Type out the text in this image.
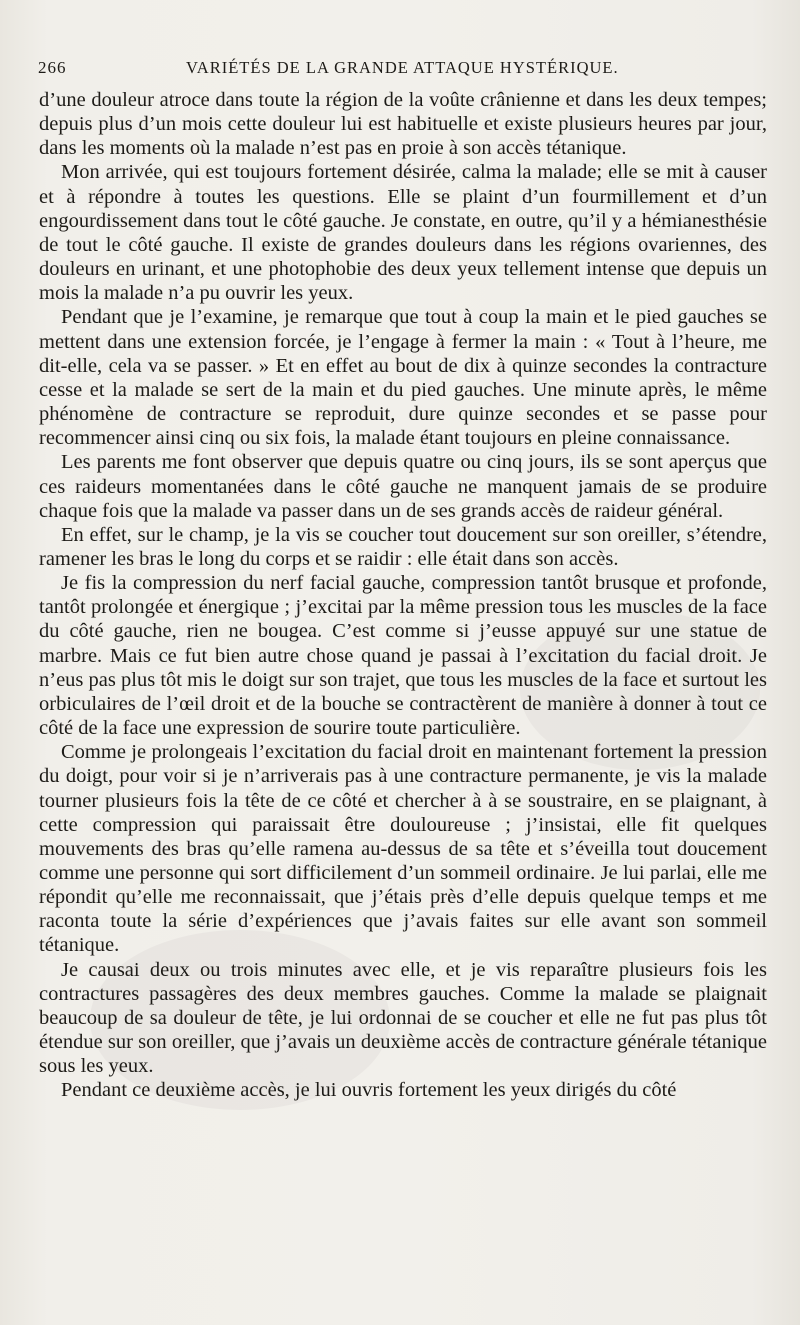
266	VARIÉTÉS DE LA GRANDE ATTAQUE HYSTÉRIQUE.

d’une douleur atroce dans toute la région de la voûte crânienne et dans les deux tempes; depuis plus d’un mois cette douleur lui est habituelle et existe plusieurs heures par jour, dans les moments où la malade n’est pas en proie à son accès tétanique.

Mon arrivée, qui est toujours fortement désirée, calma la malade; elle se mit à causer et à répondre à toutes les questions. Elle se plaint d’un fourmillement et d’un engourdissement dans tout le côté gauche. Je constate, en outre, qu’il y a hémianesthésie de tout le côté gauche. Il existe de grandes douleurs dans les régions ovariennes, des douleurs en urinant, et une photophobie des deux yeux tellement intense que depuis un mois la malade n’a pu ouvrir les yeux.

Pendant que je l’examine, je remarque que tout à coup la main et le pied gauches se mettent dans une extension forcée, je l’engage à fermer la main : « Tout à l’heure, me dit-elle, cela va se passer. » Et en effet au bout de dix à quinze secondes la contracture cesse et la malade se sert de la main et du pied gauches. Une minute après, le même phénomène de contracture se reproduit, dure quinze secondes et se passe pour recommencer ainsi cinq ou six fois, la malade étant toujours en pleine connaissance.

Les parents me font observer que depuis quatre ou cinq jours, ils se sont aperçus que ces raideurs momentanées dans le côté gauche ne manquent jamais de se produire chaque fois que la malade va passer dans un de ses grands accès de raideur général.

En effet, sur le champ, je la vis se coucher tout doucement sur son oreiller, s’étendre, ramener les bras le long du corps et se raidir : elle était dans son accès.

Je fis la compression du nerf facial gauche, compression tantôt brusque et profonde, tantôt prolongée et énergique ; j’excitai par la même pression tous les muscles de la face du côté gauche, rien ne bougea. C’est comme si j’eusse appuyé sur une statue de marbre. Mais ce fut bien autre chose quand je passai à l’excitation du facial droit. Je n’eus pas plus tôt mis le doigt sur son trajet, que tous les muscles de la face et surtout les orbiculaires de l’œil droit et de la bouche se contractèrent de manière à donner à tout ce côté de la face une expression de sourire toute particulière.

Comme je prolongeais l’excitation du facial droit en maintenant fortement la pression du doigt, pour voir si je n’arriverais pas à une contracture permanente, je vis la malade tourner plusieurs fois la tête de ce côté et chercher à à se soustraire, en se plaignant, à cette compression qui paraissait être douloureuse ; j’insistai, elle fit quelques mouvements des bras qu’elle ramena au-dessus de sa tête et s’éveilla tout doucement comme une personne qui sort difficilement d’un sommeil ordinaire. Je lui parlai, elle me répondit qu’elle me reconnaissait, que j’étais près d’elle depuis quelque temps et me raconta toute la série d’expériences que j’avais faites sur elle avant son sommeil tétanique.

Je causai deux ou trois minutes avec elle, et je vis reparaître plusieurs fois les contractures passagères des deux membres gauches. Comme la malade se plaignait beaucoup de sa douleur de tête, je lui ordonnai de se coucher et elle ne fut pas plus tôt étendue sur son oreiller, que j’avais un deuxième accès de contracture générale tétanique sous les yeux.

Pendant ce deuxième accès, je lui ouvris fortement les yeux dirigés du côté
